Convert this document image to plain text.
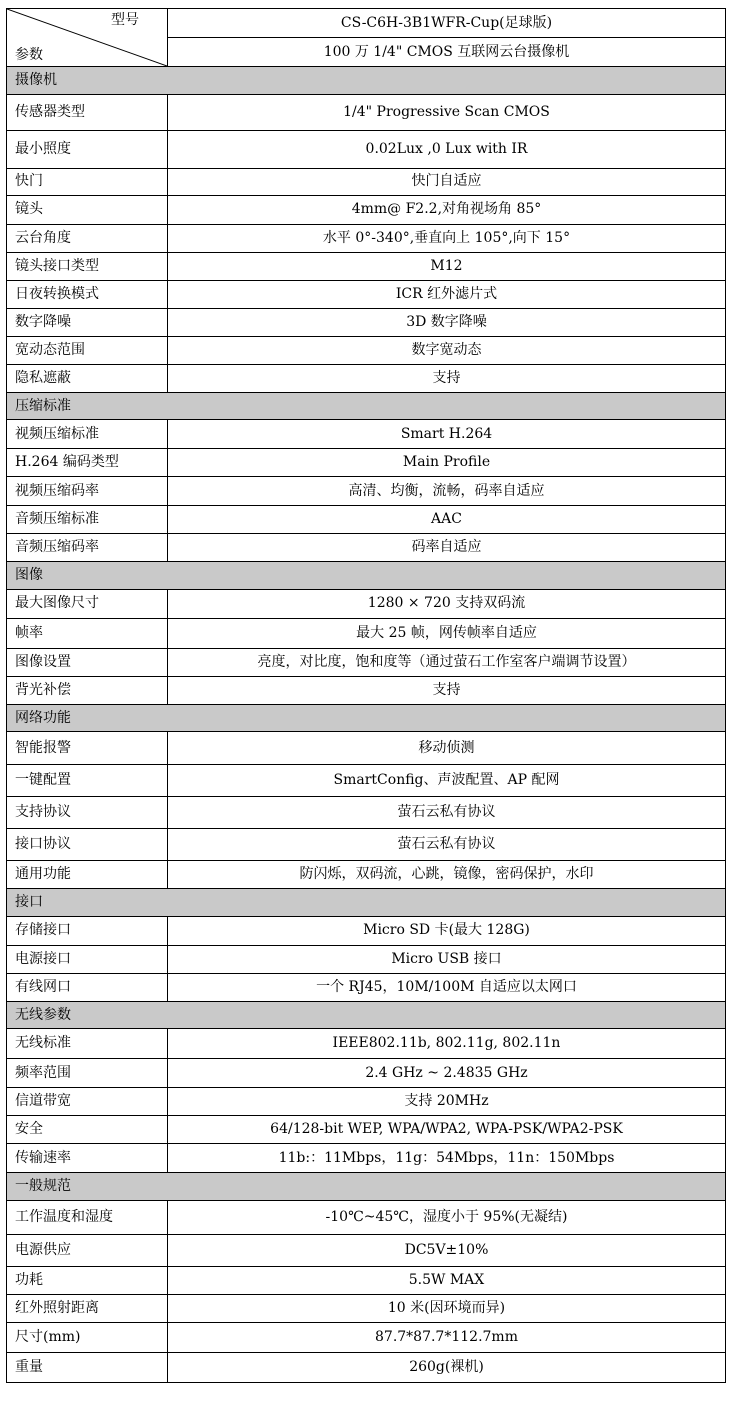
型号
参数	CS-C6H-3B1WFR-Cup(足球版)
	100 万 1/4" CMOS 互联网云台摄像机
摄像机	
传感器类型	1/4" Progressive Scan CMOS
最小照度	0.02Lux ,0 Lux with IR
快门	快门自适应
镜头	4mm@ F2.2,对角视场角 85°
云台角度	水平 0°-340°,垂直向上 105°,向下 15°
镜头接口类型	M12
日夜转换模式	ICR 红外滤片式
数字降噪	3D 数字降噪
宽动态范围	数字宽动态
隐私遮蔽	支持
压缩标准	
视频压缩标准	Smart H.264
H.264 编码类型	Main Profile
视频压缩码率	高清、均衡，流畅，码率自适应
音频压缩标准	AAC
音频压缩码率	码率自适应
图像	
最大图像尺寸	1280 × 720 支持双码流
帧率	最大 25 帧，网传帧率自适应
图像设置	亮度，对比度，饱和度等（通过萤石工作室客户端调节设置）
背光补偿	支持
网络功能	
智能报警	移动侦测
一键配置	SmartConfig、声波配置、AP 配网
支持协议	萤石云私有协议
接口协议	萤石云私有协议
通用功能	防闪烁，双码流，心跳，镜像，密码保护，水印
接口	
存储接口	Micro SD 卡(最大 128G)
电源接口	Micro USB 接口
有线网口	一个 RJ45，10M/100M 自适应以太网口
无线参数	
无线标准	IEEE802.11b, 802.11g, 802.11n
频率范围	2.4 GHz ~ 2.4835 GHz
信道带宽	支持 20MHz
安全	64/128-bit WEP, WPA/WPA2, WPA-PSK/WPA2-PSK
传输速率	11b:：11Mbps，11g：54Mbps，11n：150Mbps
一般规范	
工作温度和湿度	-10℃~45℃，湿度小于 95%(无凝结)
电源供应	DC5V±10%
功耗	5.5W MAX
红外照射距离	10 米(因环境而异)
尺寸(mm)	87.7*87.7*112.7mm
重量	260g(裸机)
